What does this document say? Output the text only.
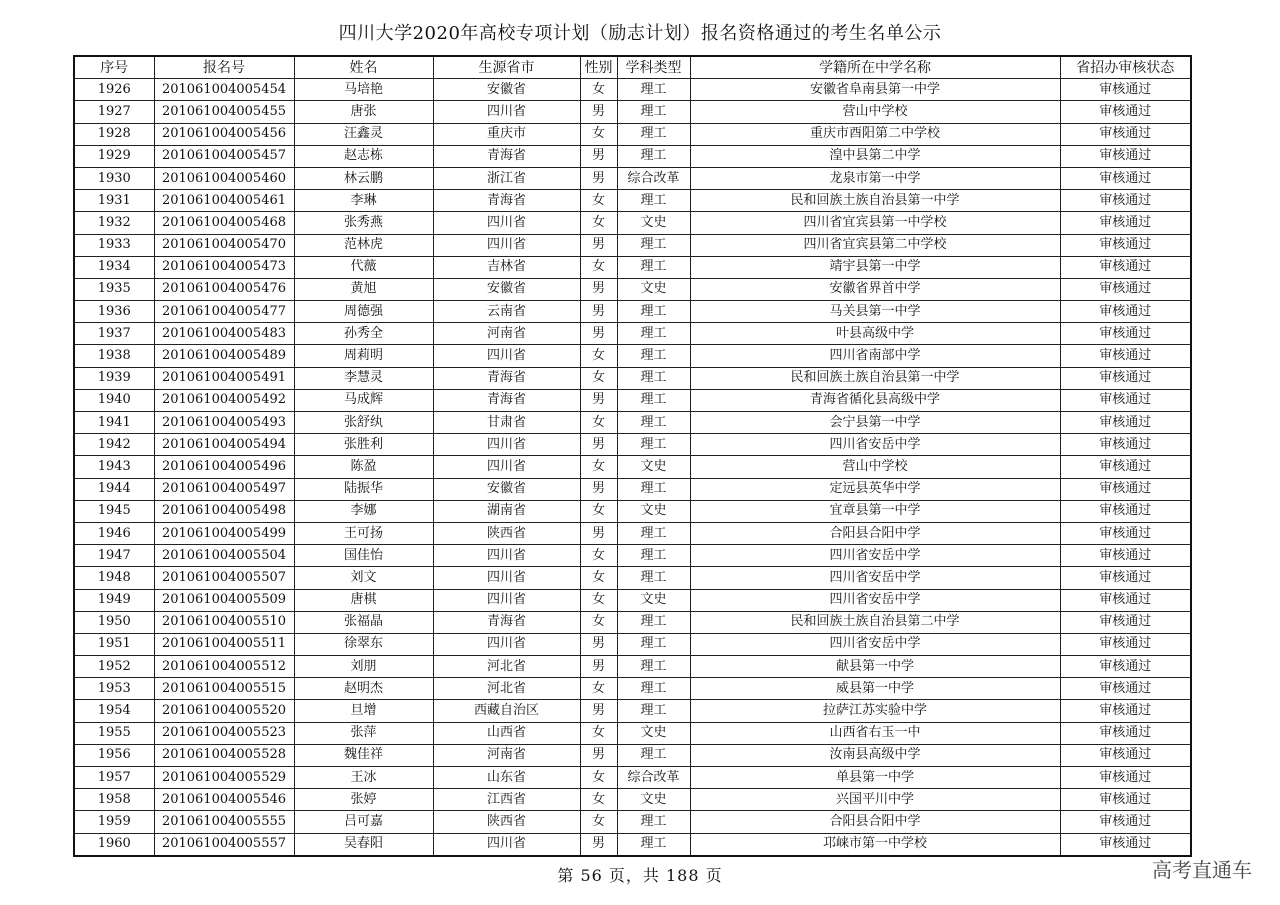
四川大学2020年高校专项计划（励志计划）报名资格通过的考生名单公示
序号	报名号	姓名	生源省市	性别	学科类型	学籍所在中学名称	省招办审核状态
1926	201061004005454	马培艳	安徽省	女	理工	安徽省阜南县第一中学	审核通过
1927	201061004005455	唐张	四川省	男	理工	营山中学校	审核通过
1928	201061004005456	汪鑫灵	重庆市	女	理工	重庆市酉阳第二中学校	审核通过
1929	201061004005457	赵志栋	青海省	男	理工	湟中县第二中学	审核通过
1930	201061004005460	林云鹏	浙江省	男	综合改革	龙泉市第一中学	审核通过
1931	201061004005461	李琳	青海省	女	理工	民和回族土族自治县第一中学	审核通过
1932	201061004005468	张秀燕	四川省	女	文史	四川省宜宾县第一中学校	审核通过
1933	201061004005470	范林虎	四川省	男	理工	四川省宜宾县第二中学校	审核通过
1934	201061004005473	代薇	吉林省	女	理工	靖宇县第一中学	审核通过
1935	201061004005476	黄旭	安徽省	男	文史	安徽省界首中学	审核通过
1936	201061004005477	周德强	云南省	男	理工	马关县第一中学	审核通过
1937	201061004005483	孙秀全	河南省	男	理工	叶县高级中学	审核通过
1938	201061004005489	周莉明	四川省	女	理工	四川省南部中学	审核通过
1939	201061004005491	李慧灵	青海省	女	理工	民和回族土族自治县第一中学	审核通过
1940	201061004005492	马成辉	青海省	男	理工	青海省循化县高级中学	审核通过
1941	201061004005493	张舒纨	甘肃省	女	理工	会宁县第一中学	审核通过
1942	201061004005494	张胜利	四川省	男	理工	四川省安岳中学	审核通过
1943	201061004005496	陈盈	四川省	女	文史	营山中学校	审核通过
1944	201061004005497	陆振华	安徽省	男	理工	定远县英华中学	审核通过
1945	201061004005498	李娜	湖南省	女	文史	宜章县第一中学	审核通过
1946	201061004005499	王可扬	陕西省	男	理工	合阳县合阳中学	审核通过
1947	201061004005504	国佳怡	四川省	女	理工	四川省安岳中学	审核通过
1948	201061004005507	刘文	四川省	女	理工	四川省安岳中学	审核通过
1949	201061004005509	唐棋	四川省	女	文史	四川省安岳中学	审核通过
1950	201061004005510	张福晶	青海省	女	理工	民和回族土族自治县第二中学	审核通过
1951	201061004005511	徐翠东	四川省	男	理工	四川省安岳中学	审核通过
1952	201061004005512	刘朋	河北省	男	理工	献县第一中学	审核通过
1953	201061004005515	赵明杰	河北省	女	理工	威县第一中学	审核通过
1954	201061004005520	旦增	西藏自治区	男	理工	拉萨江苏实验中学	审核通过
1955	201061004005523	张萍	山西省	女	文史	山西省右玉一中	审核通过
1956	201061004005528	魏佳祥	河南省	男	理工	汝南县高级中学	审核通过
1957	201061004005529	王冰	山东省	女	综合改革	单县第一中学	审核通过
1958	201061004005546	张婷	江西省	女	文史	兴国平川中学	审核通过
1959	201061004005555	吕可嘉	陕西省	女	理工	合阳县合阳中学	审核通过
1960	201061004005557	吴春阳	四川省	男	理工	邛崃市第一中学校	审核通过
第 56 页，共 188 页	高考直通车
